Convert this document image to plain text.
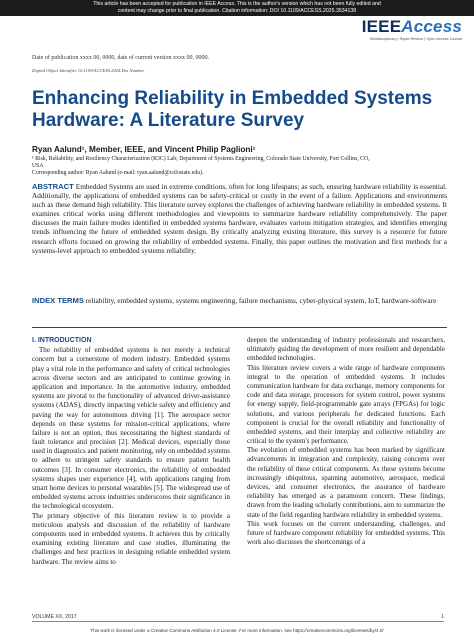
This article has been accepted for publication in IEEE Access. This is the author's version which has not been fully edited and
content may change prior to final publication. Citation information: DOI 10.1109/ACCESS.2025.3534138
IEEEAccess
Multidisciplinary | Rapid Review | Open Access Journal
Date of publication xxxx 00, 0000, date of current version xxxx 00, 0000.
Digital Object Identifier 10.1109/ACCESS.2024.Doi Number
Enhancing Reliability in Embedded Systems Hardware: A Literature Survey
Ryan Aalund¹, Member, IEEE, and Vincent Philip Paglioni¹
¹ Risk, Reliability, and Resiliency Characterization (R3C) Lab; Department of Systems Engineering, Colorado State University, Fort Collins, CO,
USA
Corresponding author: Ryan Aalund (e-mail: ryan.aalund@colostate.edu).
ABSTRACT Embedded Systems are used in extreme conditions, often for long lifespans; as such, ensuring hardware reliability is essential. Additionally, the applications of embedded systems can be safety-critical or costly in the event of a failure. Applications and environments such as these demand high reliability. This literature survey explores the challenges of achieving hardware reliability in embedded systems. It examines critical works using different methodologies and viewpoints to summarize hardware reliability comprehensively. The paper discusses the main failure modes identified in embedded systems hardware, evaluates various mitigation strategies, and identifies emerging trends influencing the future of embedded system design. By critically analyzing existing literature, this survey is a resource for future research efforts focused on growing the reliability of embedded systems. Finally, this paper outlines the motivation and first methods for a systems-level approach to embedded systems reliability.
INDEX TERMS reliability, embedded systems, systems engineering, failure mechanisms, cyber-physical system, IoT, hardware-software
I. INTRODUCTION

The reliability of embedded systems is not merely a technical concern but a cornerstone of modern industry. Embedded systems play a vital role in the performance and safety of critical technologies across diverse sectors and are anticipated to continue growing in application and importance. In the automotive industry, embedded systems are pivotal to the functionality of advanced driver-assistance systems (ADAS), directly impacting vehicle safety and efficiency and paving the way for autonomous driving [1]. The aerospace sector depends on these systems for mission-critical applications, where failure is not an option, thus necessitating the highest standards of fault tolerance and precision [2]. Medical devices, especially those used in diagnostics and patient monitoring, rely on embedded systems to adhere to stringent safety standards to ensure patient health outcomes [3]. In consumer electronics, the reliability of embedded systems shapes user experience [4], with applications ranging from smart home devices to personal wearables [5]. The widespread use of embedded systems across industries underscores their significance in the technological ecosystem.

The primary objective of this literature review is to provide a meticulous analysis and discussion of the reliability of hardware components used in embedded systems. It achieves this by critically examining existing literature and case studies, illuminating the challenges and best practices in designing reliable embedded system hardware. The review aims to

deepen the understanding of industry professionals and researchers, ultimately guiding the development of more resilient and dependable embedded technologies.

This literature review covers a wide range of hardware components integral to the operation of embedded systems. It includes communication hardware for data exchange, memory components for code and data storage, processors for system control, power systems for energy supply, field-programmable gate arrays (FPGAs) for logic solutions, and various peripherals for dedicated functions. Each component is crucial for the overall reliability and functionality of embedded systems, and their interplay and collective reliability are critical to the system's performance.

The evolution of embedded systems has been marked by significant advancements in integration and complexity, raising concerns over the reliability of these critical components. As these systems become increasingly ubiquitous, spanning automotive, aerospace, medical devices, and consumer electronics, the assurance of hardware reliability has emerged as a paramount concern. These findings, drawn from the leading scholarly contributions, aim to summarize the state of the field regarding hardware reliability in embedded systems.

This work focuses on the current understanding, challenges, and future of hardware component reliability for embedded systems. This work also discusses the shortcomings of a

VOLUME XX, 2017	1
This work is licensed under a Creative Commons Attribution 4.0 License. For more information, see https://creativecommons.org/licenses/by/4.0/
